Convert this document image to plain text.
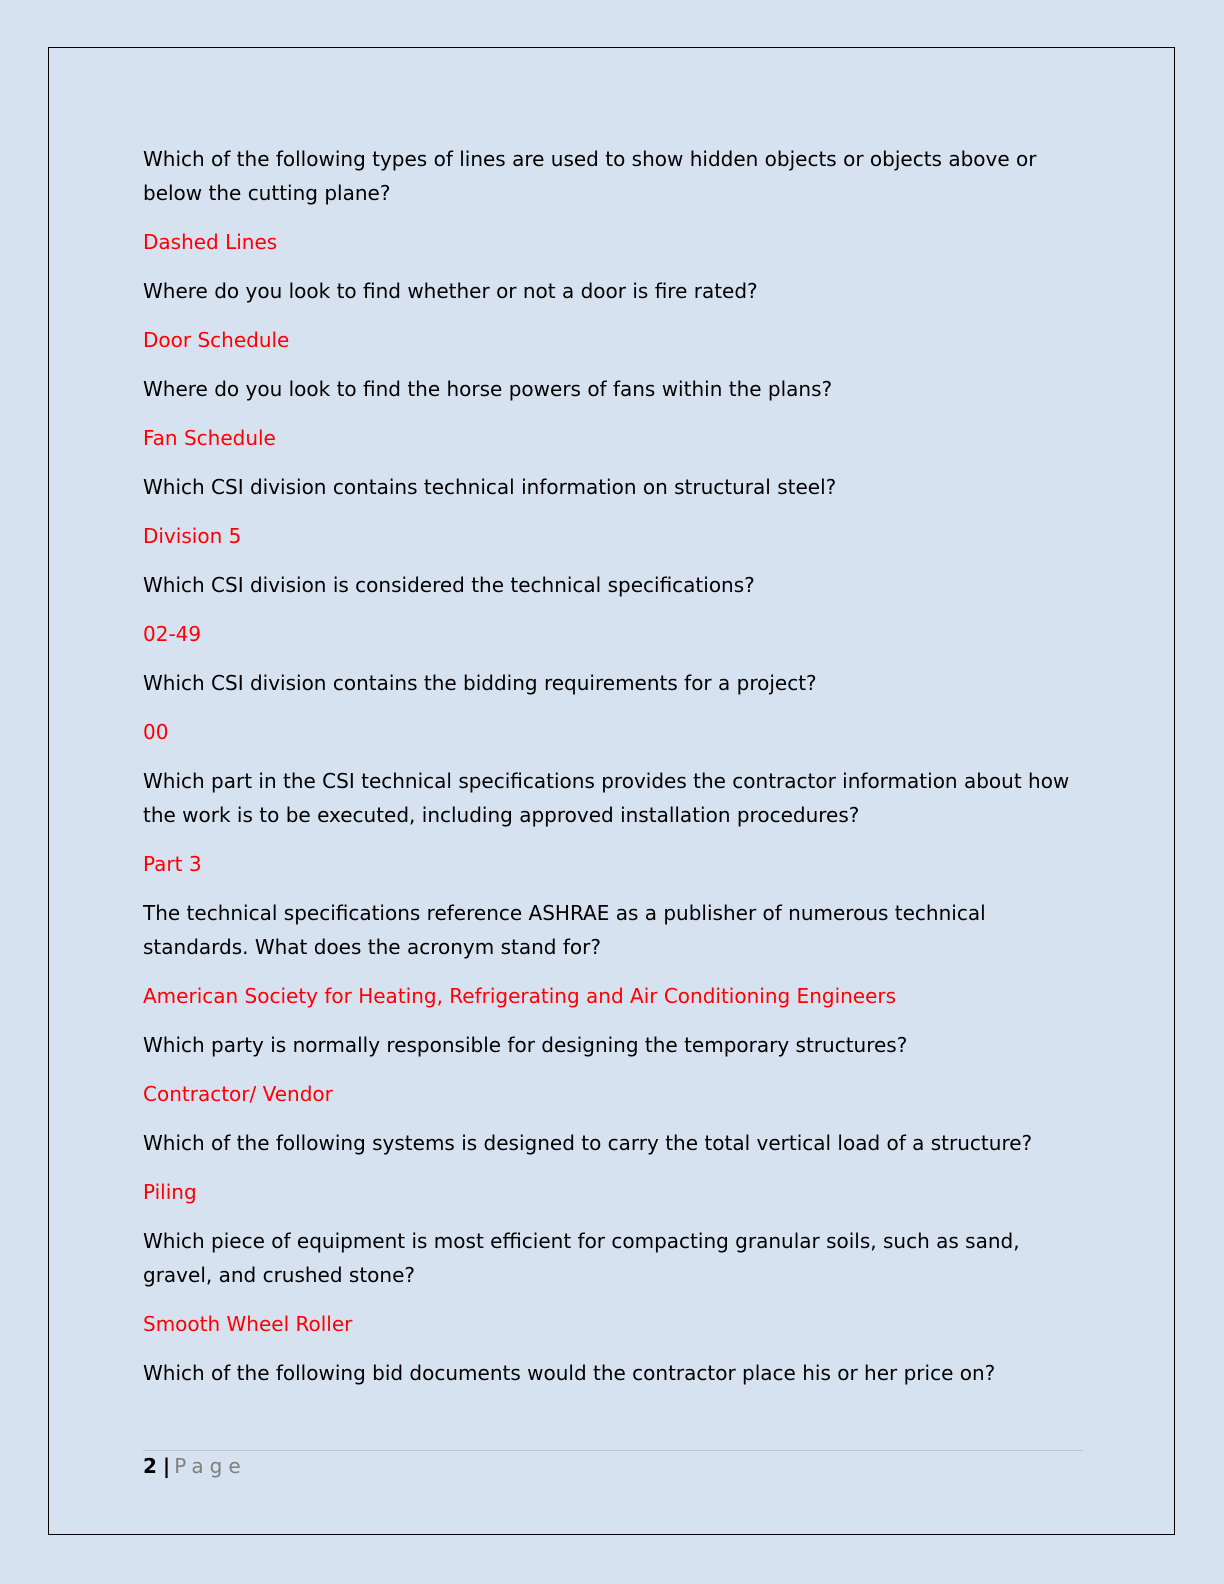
Which of the following types of lines are used to show hidden objects or objects above or below the cutting plane?

Dashed Lines

Where do you look to find whether or not a door is fire rated?

Door Schedule

Where do you look to find the horse powers of fans within the plans?

Fan Schedule

Which CSI division contains technical information on structural steel?

Division 5

Which CSI division is considered the technical specifications?

02-49

Which CSI division contains the bidding requirements for a project?

00

Which part in the CSI technical specifications provides the contractor information about how the work is to be executed, including approved installation procedures?

Part 3

The technical specifications reference ASHRAE as a publisher of numerous technical standards. What does the acronym stand for?

American Society for Heating, Refrigerating and Air Conditioning Engineers

Which party is normally responsible for designing the temporary structures?

Contractor/ Vendor

Which of the following systems is designed to carry the total vertical load of a structure?

Piling

Which piece of equipment is most efficient for compacting granular soils, such as sand, gravel, and crushed stone?

Smooth Wheel Roller

Which of the following bid documents would the contractor place his or her price on?

2 | Page
